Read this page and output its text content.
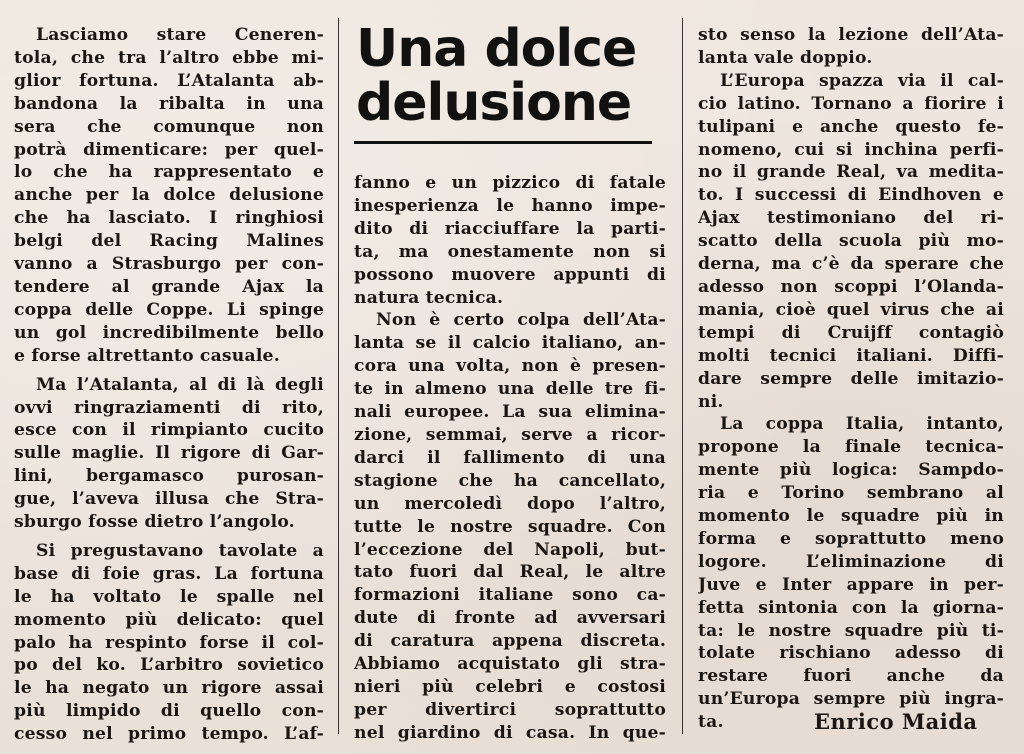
Lasciamo stare Ceneren-
tola, che tra l’altro ebbe mi-
glior fortuna. L’Atalanta ab-
bandona la ribalta in una
sera che comunque non
potrà dimenticare: per quel-
lo che ha rappresentato e
anche per la dolce delusione
che ha lasciato. I ringhiosi
belgi del Racing Malines
vanno a Strasburgo per con-
tendere al grande Ajax la
coppa delle Coppe. Li spinge
un gol incredibilmente bello
e forse altrettanto casuale.
Ma l’Atalanta, al di là degli
ovvi ringraziamenti di rito,
esce con il rimpianto cucito
sulle maglie. Il rigore di Gar-
lini, bergamasco purosan-
gue, l’aveva illusa che Stra-
sburgo fosse dietro l’angolo.
Si pregustavano tavolate a
base di foie gras. La fortuna
le ha voltato le spalle nel
momento più delicato: quel
palo ha respinto forse il col-
po del ko. L’arbitro sovietico
le ha negato un rigore assai
più limpido di quello con-
cesso nel primo tempo. L’af-
Una dolce
delusione
fanno e un pizzico di fatale
inesperienza le hanno impe-
dito di riacciuffare la parti-
ta, ma onestamente non si
possono muovere appunti di
natura tecnica.
Non è certo colpa dell’Ata-
lanta se il calcio italiano, an-
cora una volta, non è presen-
te in almeno una delle tre fi-
nali europee. La sua elimina-
zione, semmai, serve a ricor-
darci il fallimento di una
stagione che ha cancellato,
un mercoledì dopo l’altro,
tutte le nostre squadre. Con
l’eccezione del Napoli, but-
tato fuori dal Real, le altre
formazioni italiane sono ca-
dute di fronte ad avversari
di caratura appena discreta.
Abbiamo acquistato gli stra-
nieri più celebri e costosi
per divertirci soprattutto
nel giardino di casa. In que-
sto senso la lezione dell’Ata-
lanta vale doppio.
L’Europa spazza via il cal-
cio latino. Tornano a fiorire i
tulipani e anche questo fe-
nomeno, cui si inchina perfi-
no il grande Real, va medita-
to. I successi di Eindhoven e
Ajax testimoniano del ri-
scatto della scuola più mo-
derna, ma c’è da sperare che
adesso non scoppi l’Olanda-
mania, cioè quel virus che ai
tempi di Cruijff contagiò
molti tecnici italiani. Diffi-
dare sempre delle imitazio-
ni.
La coppa Italia, intanto,
propone la finale tecnica-
mente più logica: Sampdo-
ria e Torino sembrano al
momento le squadre più in
forma e soprattutto meno
logore. L’eliminazione di
Juve e Inter appare in per-
fetta sintonia con la giorna-
ta: le nostre squadre più ti-
tolate rischiano adesso di
restare fuori anche da
un’Europa sempre più ingra-
ta.	Enrico Maida
